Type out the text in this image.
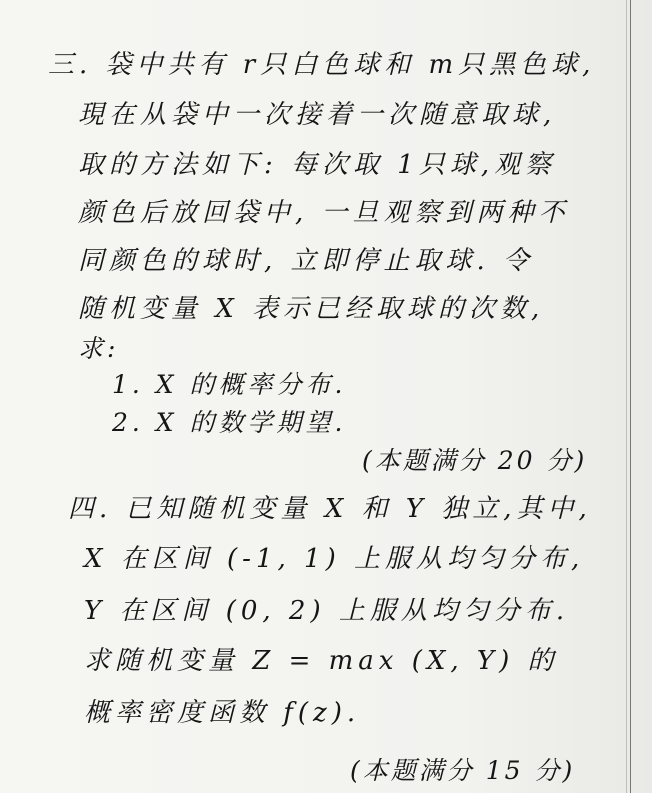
三. 袋中共有 r只白色球和 m只黑色球,
現在从袋中一次接着一次随意取球,
取的方法如下: 每次取 1只球,观察
颜色后放回袋中, 一旦观察到两种不
同颜色的球时, 立即停止取球. 令
随机变量 X 表示已经取球的次数,
求:
1. X 的概率分布.
2. X 的数学期望.
(本题满分 20 分)
四. 已知随机变量 X 和 Y 独立,其中,
X 在区间 (-1, 1) 上服从均匀分布,
Y 在区间 (0, 2) 上服从均匀分布.
求随机变量 Z = max (X, Y) 的
概率密度函数 f(z).
(本题满分 15 分)
